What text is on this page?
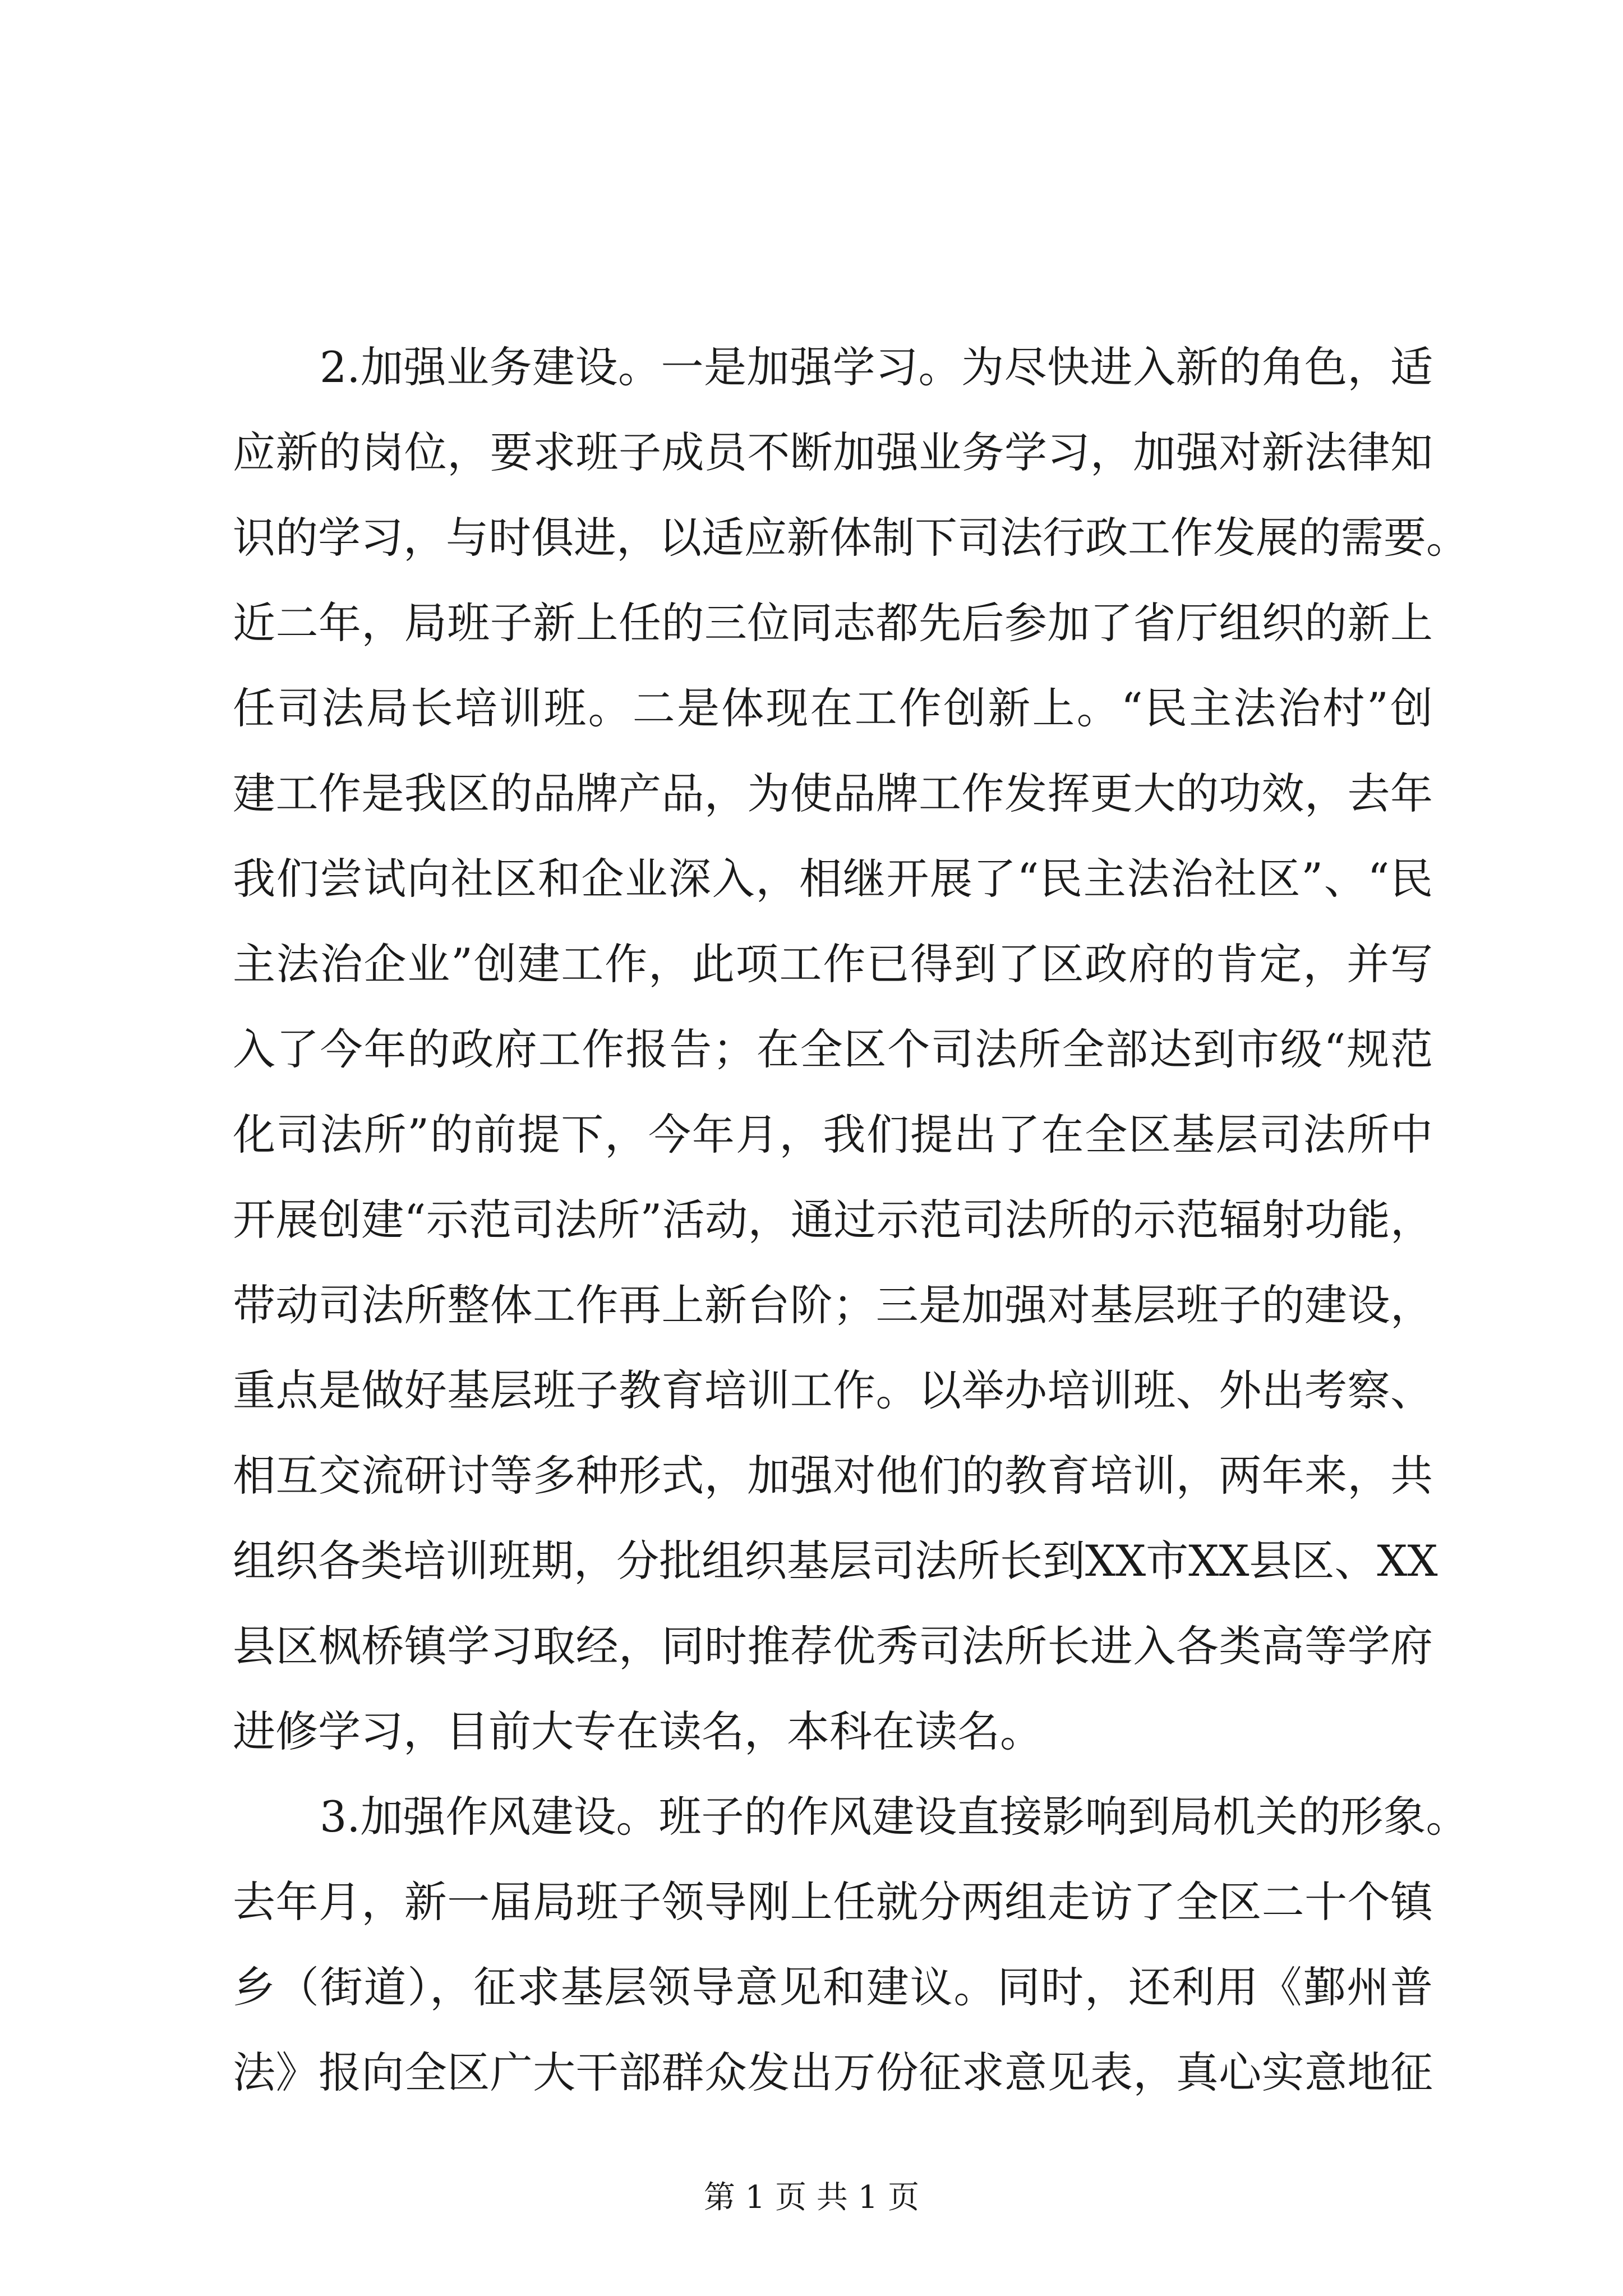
2.加强业务建设。一是加强学习。为尽快进入新的角色，适
应新的岗位，要求班子成员不断加强业务学习，加强对新法律知
识的学习，与时俱进，以适应新体制下司法行政工作发展的需要。
近二年，局班子新上任的三位同志都先后参加了省厅组织的新上
任司法局长培训班。二是体现在工作创新上。“民主法治村”创
建工作是我区的品牌产品，为使品牌工作发挥更大的功效，去年
我们尝试向社区和企业深入，相继开展了“民主法治社区”、“民
主法治企业”创建工作，此项工作已得到了区政府的肯定，并写
入了今年的政府工作报告；在全区个司法所全部达到市级“规范
化司法所”的前提下，今年月，我们提出了在全区基层司法所中
开展创建“示范司法所”活动，通过示范司法所的示范辐射功能，
带动司法所整体工作再上新台阶；三是加强对基层班子的建设，
重点是做好基层班子教育培训工作。以举办培训班、外出考察、
相互交流研讨等多种形式，加强对他们的教育培训，两年来，共
组织各类培训班期，分批组织基层司法所长到XX市XX县区、XX
县区枫桥镇学习取经，同时推荐优秀司法所长进入各类高等学府
进修学习，目前大专在读名，本科在读名。
3.加强作风建设。班子的作风建设直接影响到局机关的形象。
去年月，新一届局班子领导刚上任就分两组走访了全区二十个镇
乡（街道），征求基层领导意见和建议。同时，还利用《鄞州普
法》报向全区广大干部群众发出万份征求意见表，真心实意地征
第 1 页 共 1 页
